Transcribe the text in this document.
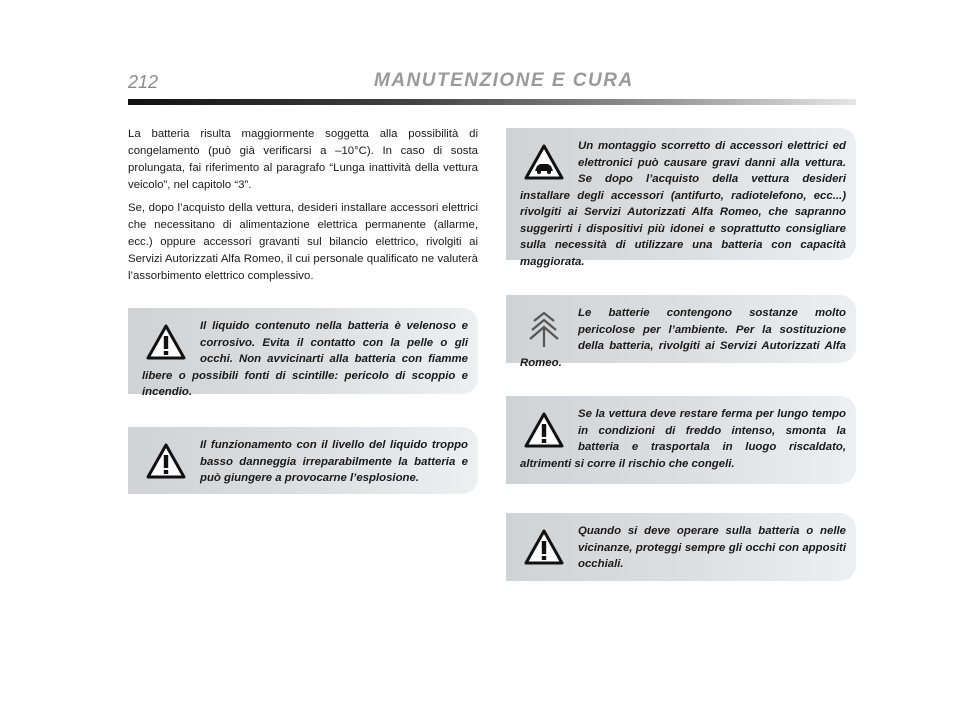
212	MANUTENZIONE E CURA

La batteria risulta maggiormente soggetta alla possibilità di congelamento (può già verificarsi a –10°C). In caso di sosta prolungata, fai riferimento al paragrafo “Lunga inattività della vettura veicolo”, nel capitolo “3”.

Se, dopo l’acquisto della vettura, desideri installare accessori elettrici che necessitano di alimentazione elettrica permanente (allarme, ecc.) oppure accessori gravanti sul bilancio elettrico, rivolgiti ai Servizi Autorizzati Alfa Romeo, il cui personale qualificato ne valuterà l’assorbimento elettrico complessivo.

Il liquido contenuto nella batteria è velenoso e corrosivo. Evita il contatto con la pelle o gli occhi. Non avvicinarti alla batteria con fiamme libere o possibili fonti di scintille: pericolo di scoppio e incendio.
Il funzionamento con il livello del liquido troppo basso danneggia irreparabilmente la batteria e può giungere a provocarne l’esplosione.
Un montaggio scorretto di accessori elettrici ed elettronici può causare gravi danni alla vettura. Se dopo l’acquisto della vettura desideri installare degli accessori (antifurto, radiotelefono, ecc...) rivolgiti ai Servizi Autorizzati Alfa Romeo, che sapranno suggerirti i dispositivi più idonei e soprattutto consigliare sulla necessità di utilizzare una batteria con capacità maggiorata.
Le batterie contengono sostanze molto pericolose per l’ambiente. Per la sostituzione della batteria, rivolgiti ai Servizi Autorizzati Alfa Romeo.
Se la vettura deve restare ferma per lungo tempo in condizioni di freddo intenso, smonta la batteria e trasportala in luogo riscaldato, altrimenti si corre il rischio che congeli.
Quando si deve operare sulla batteria o nelle vicinanze, proteggi sempre gli occhi con appositi occhiali.
